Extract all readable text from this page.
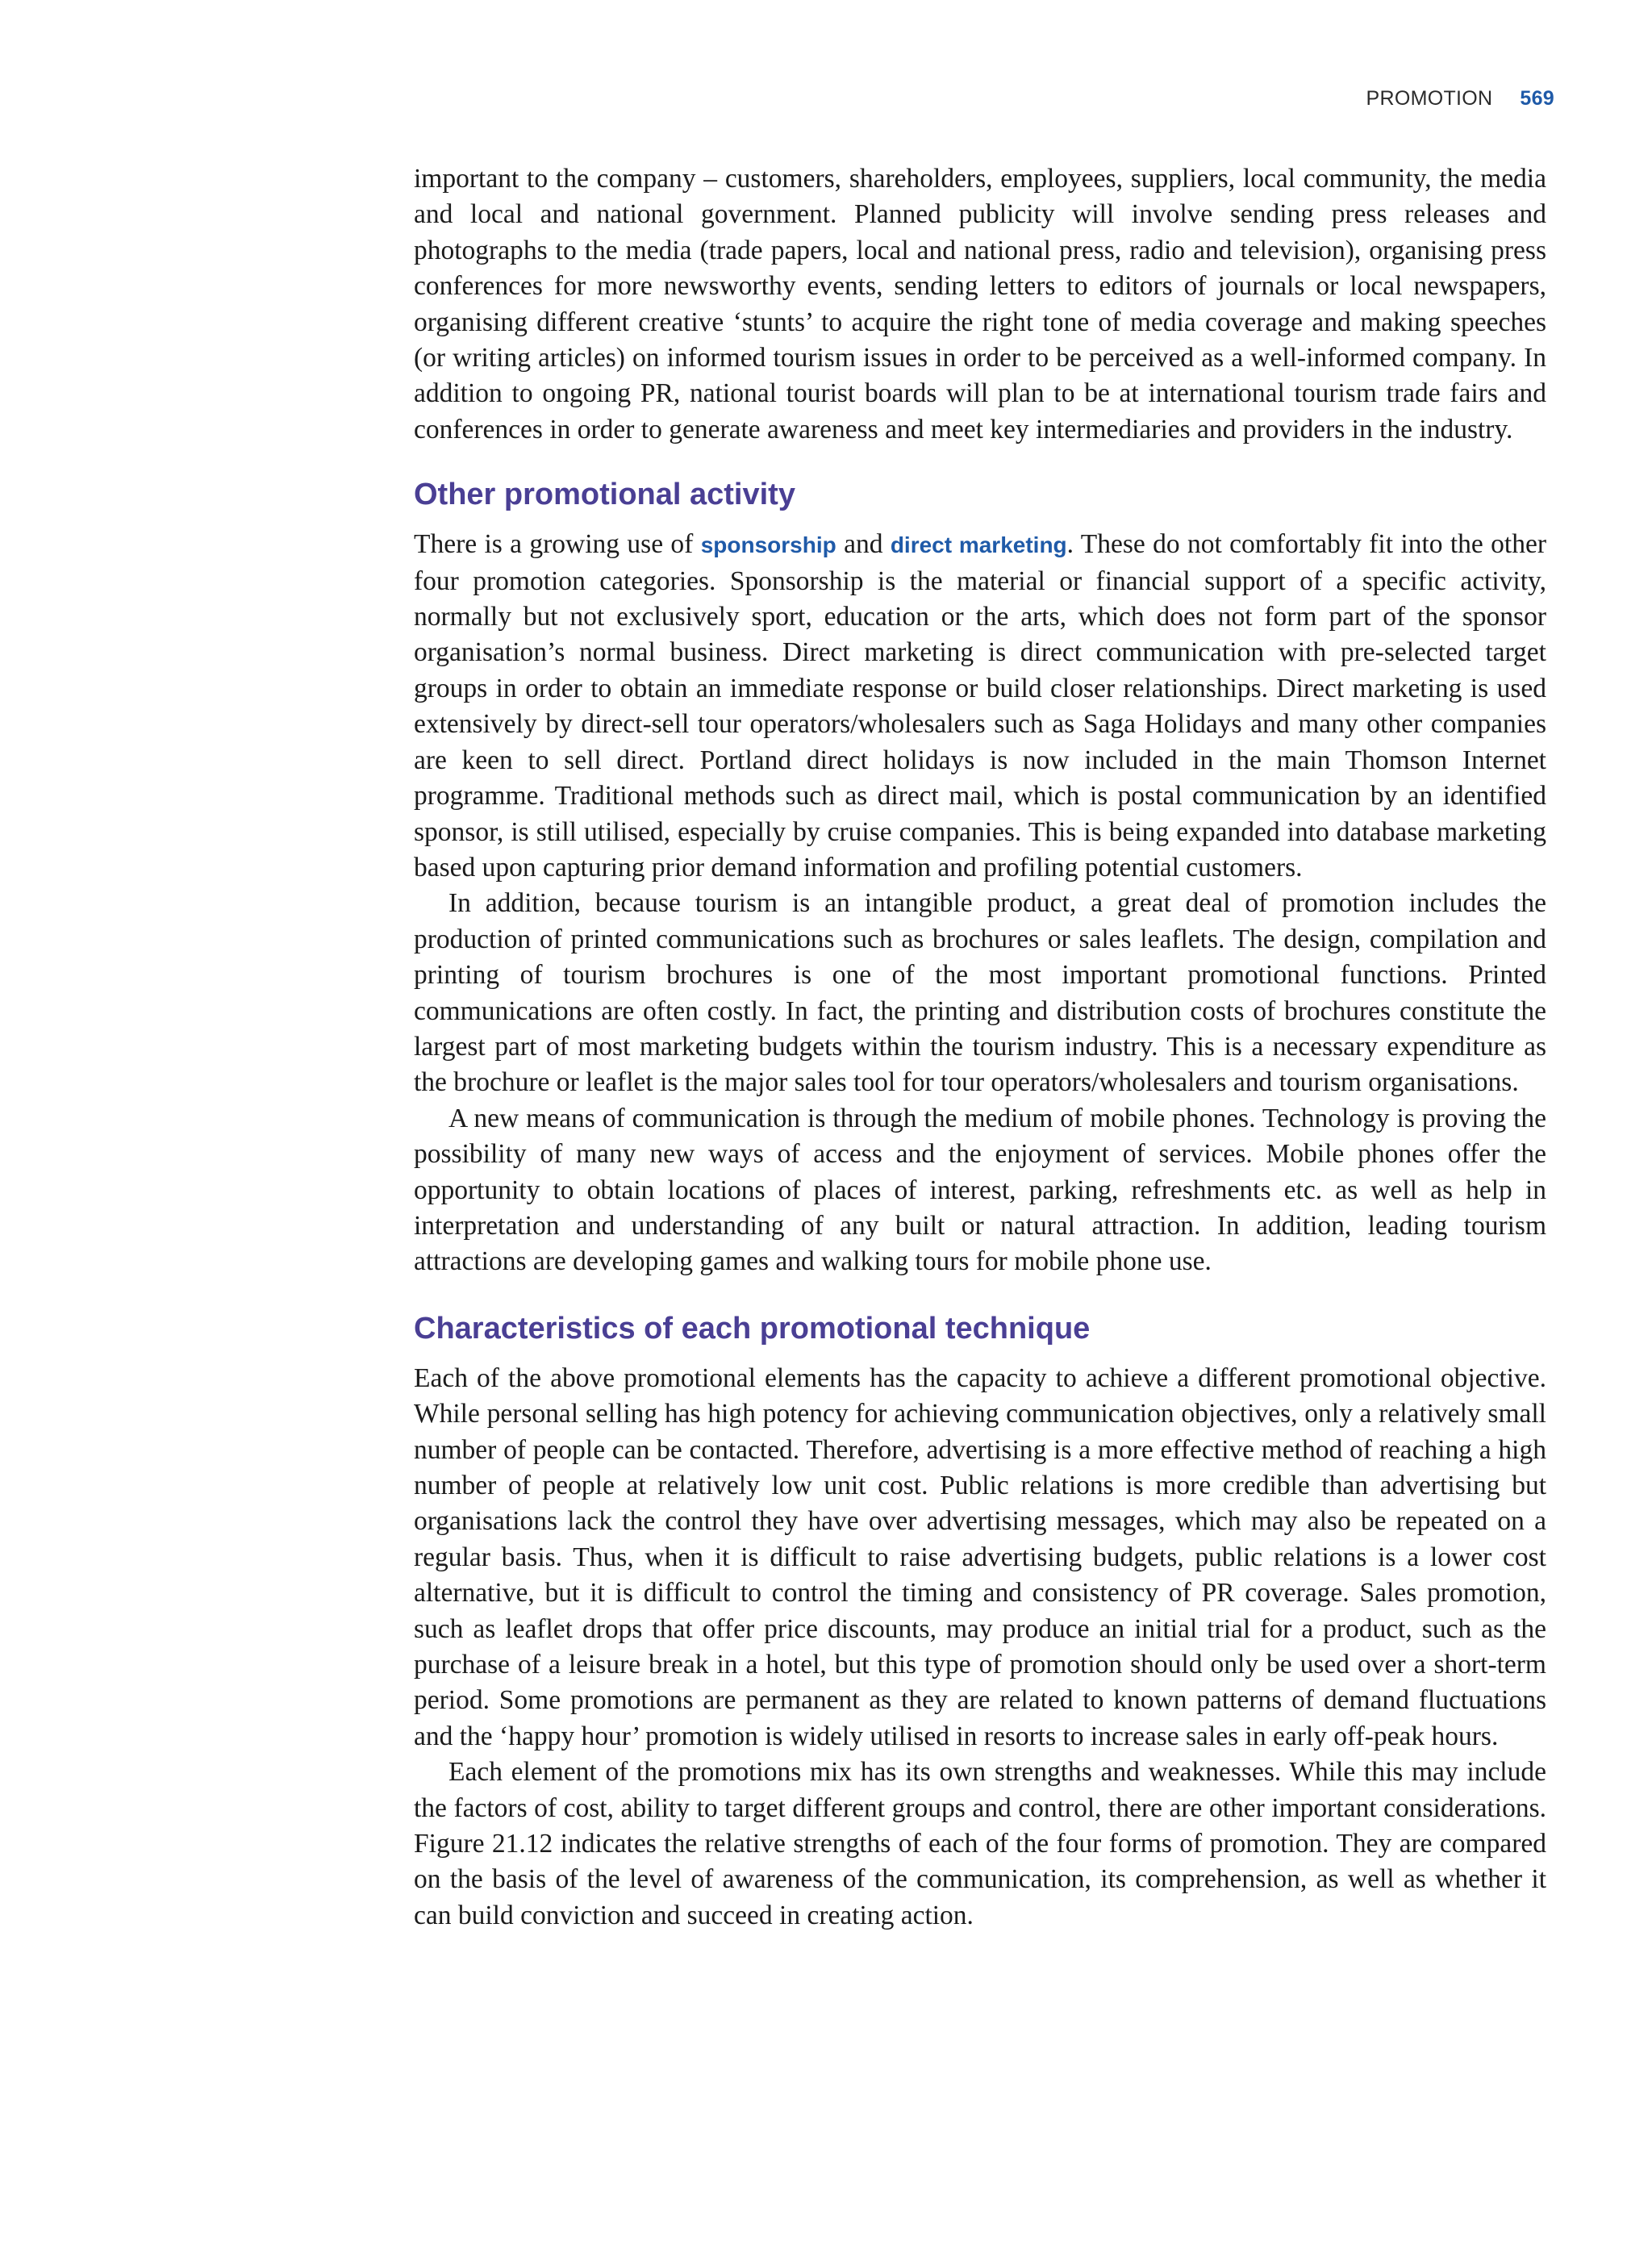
PROMOTION 569

important to the company – customers, shareholders, employees, suppliers, local community, the media and local and national government. Planned publicity will involve sending press releases and photographs to the media (trade papers, local and national press, radio and television), organising press conferences for more newsworthy events, sending letters to editors of journals or local newspapers, organising different creative ‘stunts’ to acquire the right tone of media coverage and making speeches (or writing articles) on informed tourism issues in order to be perceived as a well-informed company. In addition to ongoing PR, national tourist boards will plan to be at international tourism trade fairs and conferences in order to generate awareness and meet key intermediaries and providers in the industry.

Other promotional activity

There is a growing use of sponsorship and direct marketing. These do not comfortably fit into the other four promotion categories. Sponsorship is the material or financial support of a specific activity, normally but not exclusively sport, education or the arts, which does not form part of the sponsor organisation’s normal business. Direct marketing is direct communication with pre-selected target groups in order to obtain an immediate response or build closer relationships. Direct marketing is used extensively by direct-sell tour operators/wholesalers such as Saga Holidays and many other companies are keen to sell direct. Portland direct holidays is now included in the main Thomson Internet programme. Traditional methods such as direct mail, which is postal communication by an identified sponsor, is still utilised, especially by cruise companies. This is being expanded into database marketing based upon capturing prior demand information and profiling potential customers.

In addition, because tourism is an intangible product, a great deal of promotion includes the production of printed communications such as brochures or sales leaflets. The design, compilation and printing of tourism brochures is one of the most important promotional functions. Printed communications are often costly. In fact, the printing and distribution costs of brochures constitute the largest part of most marketing budgets within the tourism industry. This is a necessary expenditure as the brochure or leaflet is the major sales tool for tour operators/wholesalers and tourism organisations.

A new means of communication is through the medium of mobile phones. Technology is proving the possibility of many new ways of access and the enjoyment of services. Mobile phones offer the opportunity to obtain locations of places of interest, parking, refreshments etc. as well as help in interpretation and understanding of any built or natural attraction. In addition, leading tourism attractions are developing games and walking tours for mobile phone use.

Characteristics of each promotional technique

Each of the above promotional elements has the capacity to achieve a different promotional objective. While personal selling has high potency for achieving communication objectives, only a relatively small number of people can be contacted. Therefore, advertising is a more effective method of reaching a high number of people at relatively low unit cost. Public relations is more credible than advertising but organisations lack the control they have over advertising messages, which may also be repeated on a regular basis. Thus, when it is difficult to raise advertising budgets, public relations is a lower cost alternative, but it is difficult to control the timing and consistency of PR coverage. Sales promotion, such as leaflet drops that offer price discounts, may produce an initial trial for a product, such as the purchase of a leisure break in a hotel, but this type of promotion should only be used over a short-term period. Some promotions are permanent as they are related to known patterns of demand fluctuations and the ‘happy hour’ promotion is widely utilised in resorts to increase sales in early off-peak hours.

Each element of the promotions mix has its own strengths and weaknesses. While this may include the factors of cost, ability to target different groups and control, there are other important considerations. Figure 21.12 indicates the relative strengths of each of the four forms of promotion. They are compared on the basis of the level of awareness of the communication, its comprehension, as well as whether it can build conviction and succeed in creating action.
